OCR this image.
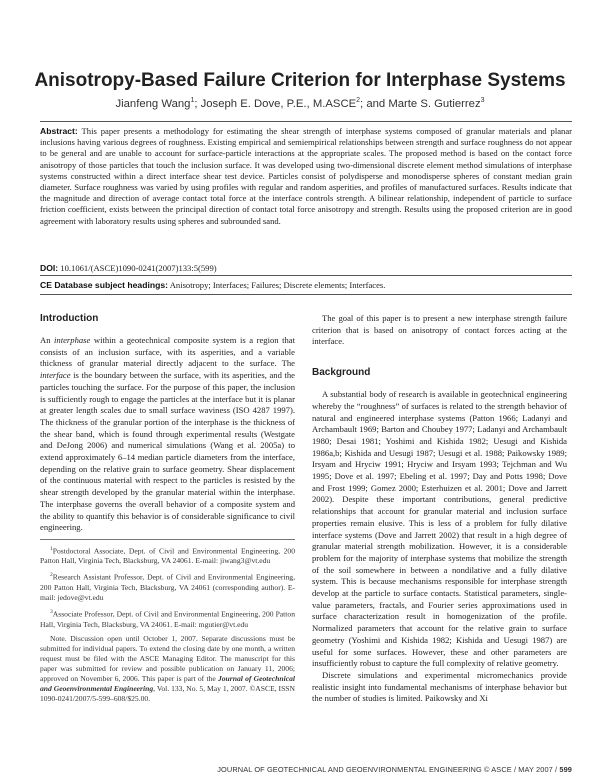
Anisotropy-Based Failure Criterion for Interphase Systems
Jianfeng Wang$^1$; Joseph E. Dove, P.E., M.ASCE$^2$; and Marte S. Gutierrez$^3$
Abstract: This paper presents a methodology for estimating the shear strength of interphase systems composed of granular materials and planar inclusions having various degrees of roughness. Existing empirical and semiempirical relationships between strength and surface roughness do not appear to be general and are unable to account for surface-particle interactions at the appropriate scales. The proposed method is based on the contact force anisotropy of those particles that touch the inclusion surface. It was developed using two-dimensional discrete element method simulations of interphase systems constructed within a direct interface shear test device. Particles consist of polydisperse and monodisperse spheres of constant median grain diameter. Surface roughness was varied by using profiles with regular and random asperities, and profiles of manufactured surfaces. Results indicate that the magnitude and direction of average contact total force at the interface controls strength. A bilinear relationship, independent of particle to surface friction coefficient, exists between the principal direction of contact total force anisotropy and strength. Results using the proposed criterion are in good agreement with laboratory results using spheres and subrounded sand.
DOI: 10.1061/(ASCE)1090-0241(2007)133:5(599)
CE Database subject headings: Anisotropy; Interfaces; Failures; Discrete elements; Interfaces.
Introduction

An interphase within a geotechnical composite system is a region that consists of an inclusion surface, with its asperities, and a variable thickness of granular material directly adjacent to the surface. The interface is the boundary between the surface, with its asperities, and the particles touching the surface. For the purpose of this paper, the inclusion is sufficiently rough to engage the particles at the interface but it is planar at greater length scales due to small surface waviness (ISO 4287 1997). The thickness of the granular portion of the interphase is the thickness of the shear band, which is found through experimental results (Westgate and DeJong 2006) and numerical simulations (Wang et al. 2005a) to extend approximately 6–14 median particle diameters from the interface, depending on the relative grain to surface geometry. Shear displacement of the continuous material with respect to the particles is resisted by the shear strength developed by the granular material within the interphase. The interphase governs the overall behavior of a composite system and the ability to quantify this behavior is of considerable significance to civil engineering.

$^1$Postdoctoral Associate, Dept. of Civil and Environmental Engineering, 200 Patton Hall, Virginia Tech, Blacksburg, VA 24061. E-mail: jiwang3@vt.edu

$^2$Research Assistant Professor, Dept. of Civil and Environmental Engineering, 200 Patton Hall, Virginia Tech, Blacksburg, VA 24061 (corresponding author). E-mail: jedove@vt.edu

$^3$Associate Professor, Dept. of Civil and Environmental Engineering, 200 Patton Hall, Virginia Tech, Blacksburg, VA 24061. E-mail: mgutier@vt.edu

Note. Discussion open until October 1, 2007. Separate discussions must be submitted for individual papers. To extend the closing date by one month, a written request must be filed with the ASCE Managing Editor. The manuscript for this paper was submitted for review and possible publication on January 11, 2006; approved on November 6, 2006. This paper is part of the Journal of Geotechnical and Geoenvironmental Engineering, Vol. 133, No. 5, May 1, 2007. ©ASCE, ISSN 1090-0241/2007/5-599–608/$25.00.

The goal of this paper is to present a new interphase strength failure criterion that is based on anisotropy of contact forces acting at the interface.

Background

A substantial body of research is available in geotechnical engineering whereby the “roughness” of surfaces is related to the strength behavior of natural and engineered interphase systems (Patton 1966; Ladanyi and Archambault 1969; Barton and Choubey 1977; Ladanyi and Archambault 1980; Desai 1981; Yoshimi and Kishida 1982; Uesugi and Kishida 1986a,b; Kishida and Uesugi 1987; Uesugi et al. 1988; Paikowsky 1989; Irsyam and Hryciw 1991; Hryciw and Irsyam 1993; Tejchman and Wu 1995; Dove et al. 1997; Ebeling et al. 1997; Day and Potts 1998; Dove and Frost 1999; Gomez 2000; Esterhuizen et al. 2001; Dove and Jarrett 2002). Despite these important contributions, general predictive relationships that account for granular material and inclusion surface properties remain elusive. This is less of a problem for fully dilative interface systems (Dove and Jarrett 2002) that result in a high degree of granular material strength mobilization. However, it is a considerable problem for the majority of interphase systems that mobilize the strength of the soil somewhere in between a nondilative and a fully dilative system. This is because mechanisms responsible for interphase strength develop at the particle to surface contacts. Statistical parameters, single-value parameters, fractals, and Fourier series approximations used in surface characterization result in homogenization of the profile. Normalized parameters that account for the relative grain to surface geometry (Yoshimi and Kishida 1982; Kishida and Uesugi 1987) are useful for some surfaces. However, these and other parameters are insufficiently robust to capture the full complexity of relative geometry.

Discrete simulations and experimental micromechanics provide realistic insight into fundamental mechanisms of interphase behavior but the number of studies is limited. Paikowsky and Xi

JOURNAL OF GEOTECHNICAL AND GEOENVIRONMENTAL ENGINEERING © ASCE / MAY 2007 / 599
